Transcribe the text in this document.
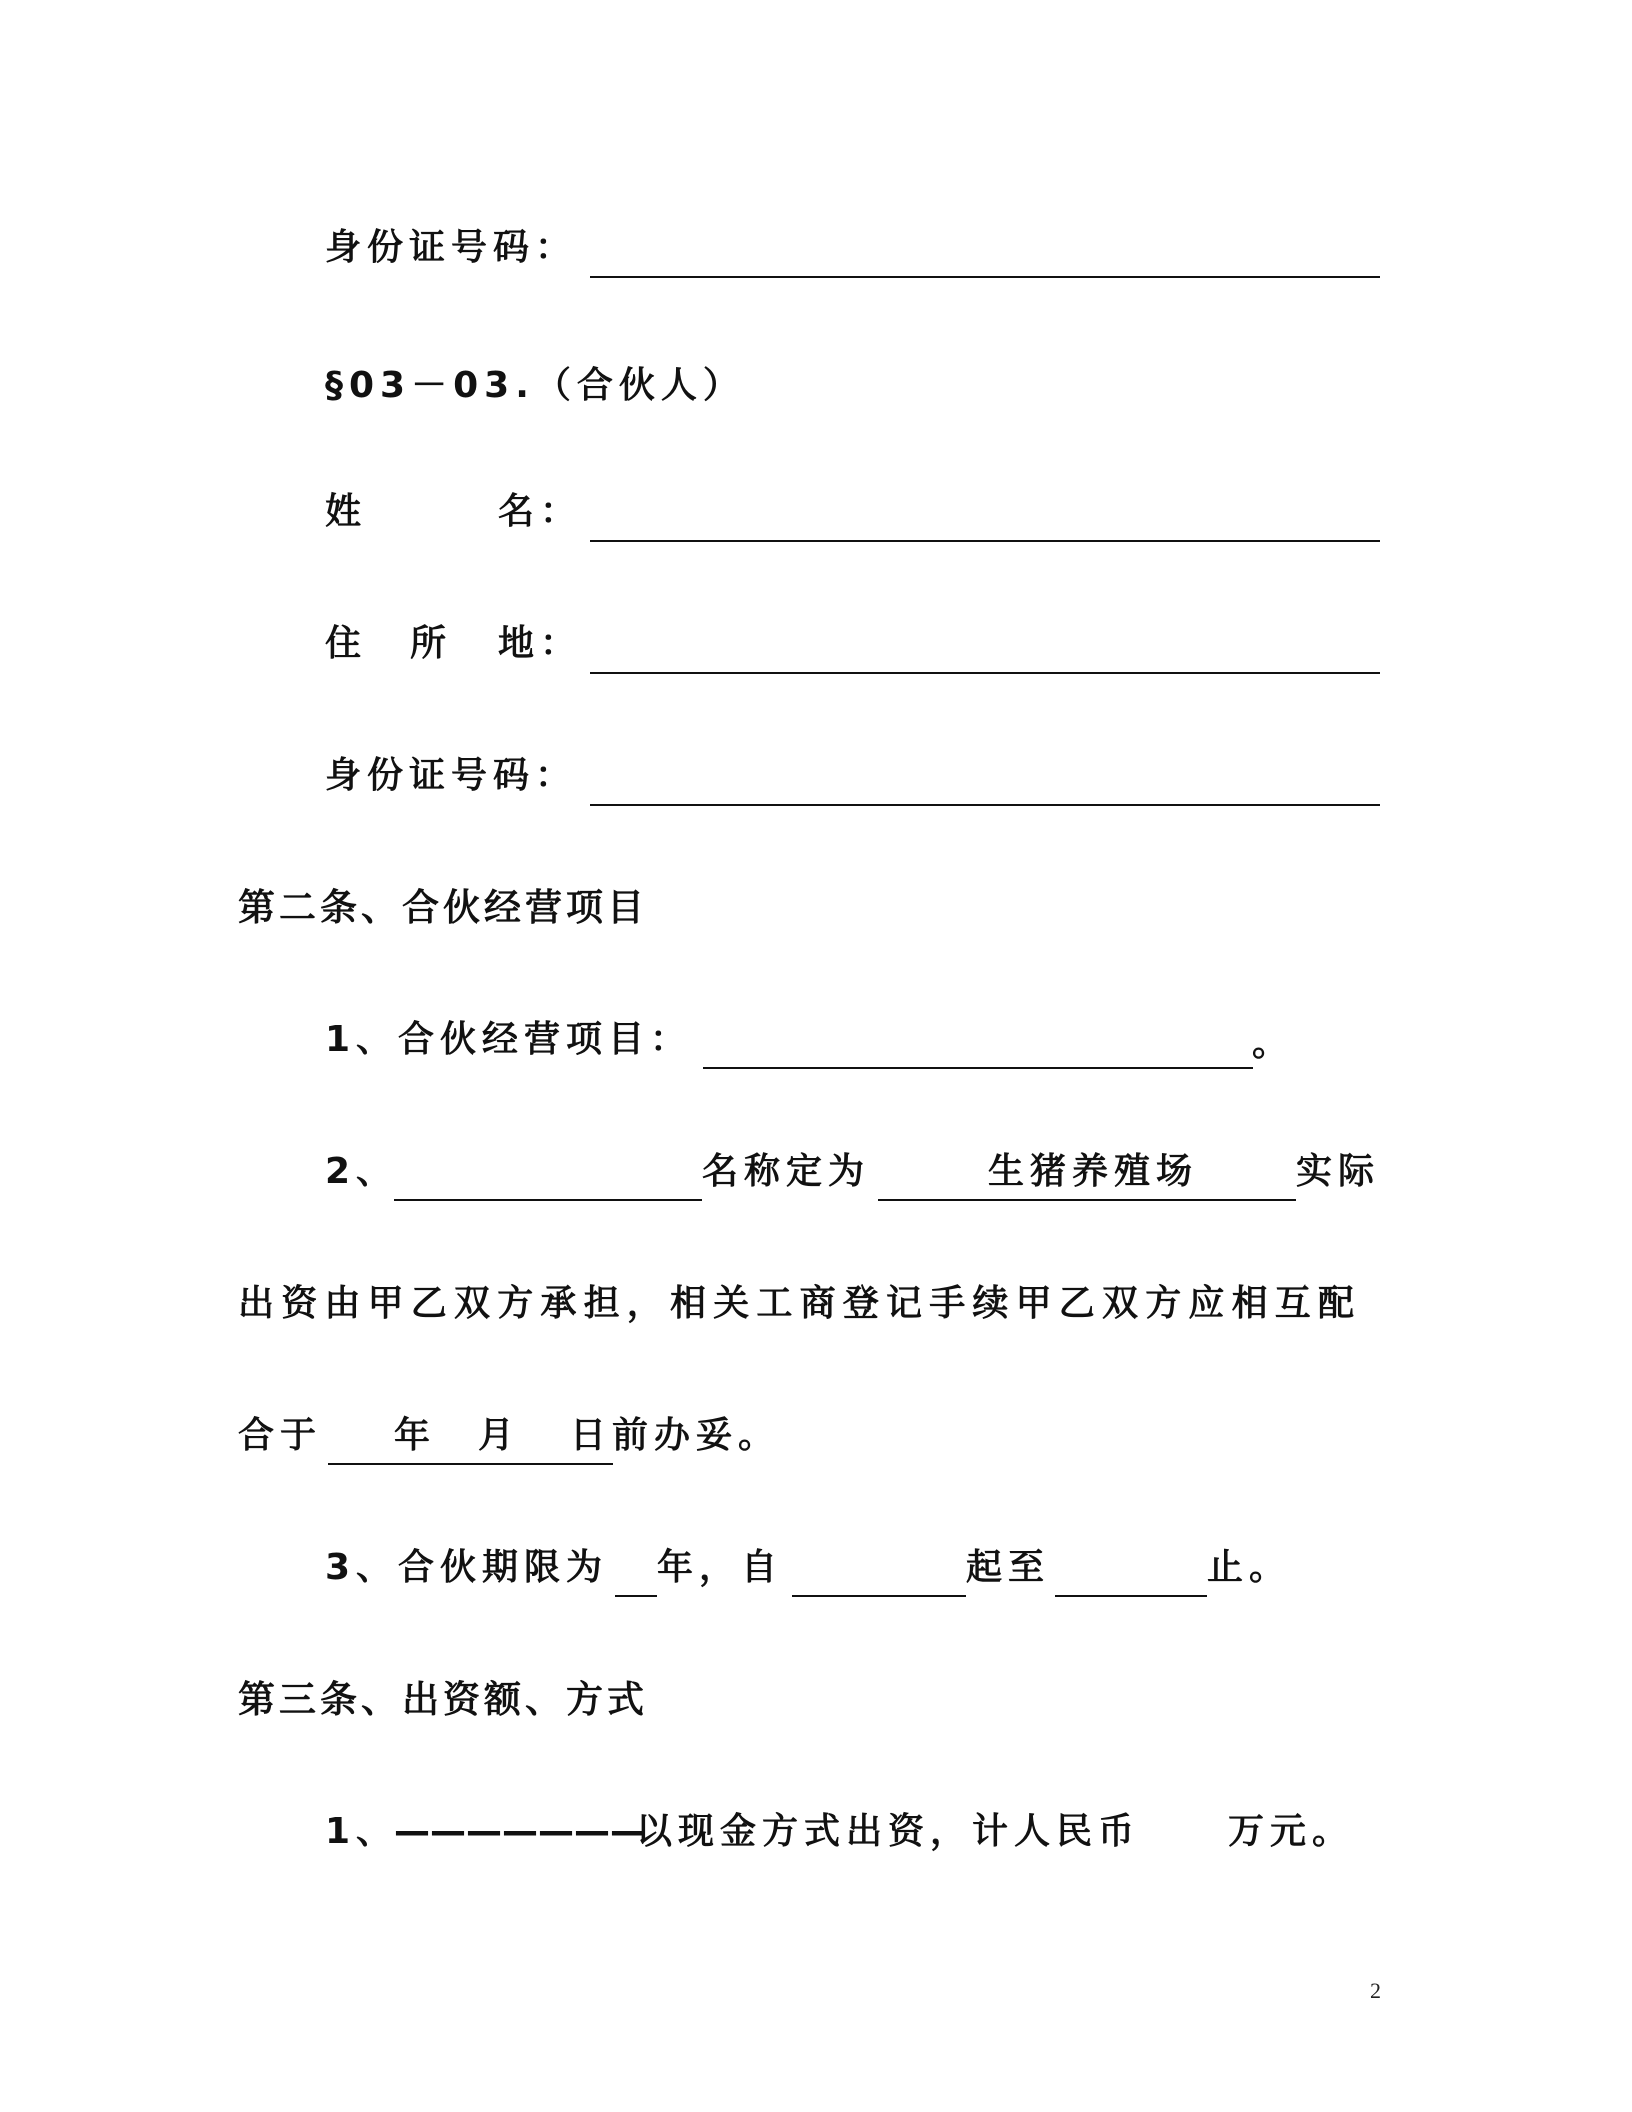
身份证号码：
§03－03.（合伙人）
姓	名：
住 所 地：
身份证号码：
第二条、合伙经营项目
1、合伙经营项目：	。
2、	名称定为	生猪养殖场	实际
出资由甲乙双方承担，相关工商登记手续甲乙双方应相互配
合于 年 月 日 前办妥。
3、合伙期限为 年，自	起至	止。
第三条、出资额、方式
1、
———————
以现金方式出资，计人民币 万元。
2
